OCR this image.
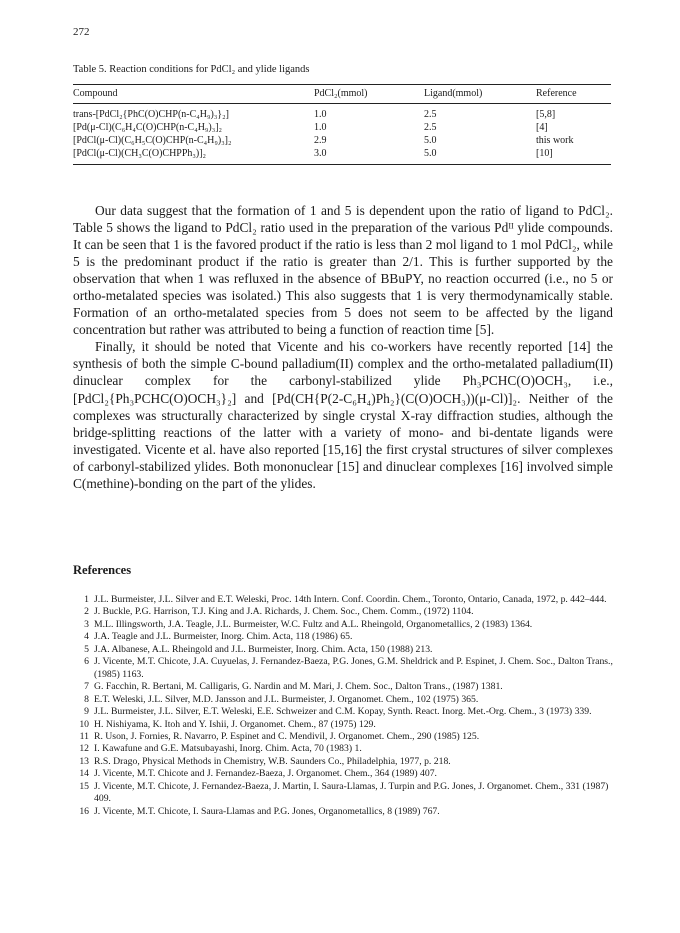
272
Table 5. Reaction conditions for PdCl₂ and ylide ligands
Compound	PdCl₂(mmol)	Ligand(mmol)	Reference
trans-[PdCl₂{PhC(O)CHP(n-C₄H₉)₃}₂]	1.0	2.5	[5,8]
[Pd(μ-Cl)(C₆H₄C(O)CHP(n-C₄H₉)₃]₂	1.0	2.5	[4]
[PdCl(μ-Cl)(C₆H₅C(O)CHP(n-C₄H₉)₃]₂	2.9	5.0	this work
[PdCl(μ-Cl)(CH₃C(O)CHPPh₃)]₂	3.0	5.0	[10]

Our data suggest that the formation of 1 and 5 is dependent upon the ratio of ligand to PdCl₂. Table 5 shows the ligand to PdCl₂ ratio used in the preparation of the various Pdᴵᴵ ylide compounds. It can be seen that 1 is the favored product if the ratio is less than 2 mol ligand to 1 mol PdCl₂, while 5 is the predominant product if the ratio is greater than 2/1. This is further supported by the observation that when 1 was refluxed in the absence of BBuPY, no reaction occurred (i.e., no 5 or ortho-metalated species was isolated.) This also suggests that 1 is very thermodynamically stable. Formation of an ortho-metalated species from 5 does not seem to be affected by the ligand concentration but rather was attributed to being a function of reaction time [5].

Finally, it should be noted that Vicente and his co-workers have recently reported [14] the synthesis of both the simple C-bound palladium(II) complex and the ortho-metalated palladium(II) dinuclear complex for the carbonyl-stabilized ylide Ph₃PCHC(O)OCH₃, i.e., [PdCl₂{Ph₃PCHC(O)OCH₃}₂] and [Pd(CH{P(2-C₆H₄)Ph₂}(C(O)OCH₃))(μ-Cl)]₂. Neither of the complexes was structurally characterized by single crystal X-ray diffraction studies, although the bridge-splitting reactions of the latter with a variety of mono- and bi-dentate ligands were investigated. Vicente et al. have also reported [15,16] the first crystal structures of silver complexes of carbonyl-stabilized ylides. Both mononuclear [15] and dinuclear complexes [16] involved simple C(methine)-bonding on the part of the ylides.

References
1 J.L. Burmeister, J.L. Silver and E.T. Weleski, Proc. 14th Intern. Conf. Coordin. Chem., Toronto, Ontario, Canada, 1972, p. 442–444.
2 J. Buckle, P.G. Harrison, T.J. King and J.A. Richards, J. Chem. Soc., Chem. Comm., (1972) 1104.
3 M.L. Illingsworth, J.A. Teagle, J.L. Burmeister, W.C. Fultz and A.L. Rheingold, Organometallics, 2 (1983) 1364.
4 J.A. Teagle and J.L. Burmeister, Inorg. Chim. Acta, 118 (1986) 65.
5 J.A. Albanese, A.L. Rheingold and J.L. Burmeister, Inorg. Chim. Acta, 150 (1988) 213.
6 J. Vicente, M.T. Chicote, J.A. Cuyuelas, J. Fernandez-Baeza, P.G. Jones, G.M. Sheldrick and P. Espinet, J. Chem. Soc., Dalton Trans., (1985) 1163.
7 G. Facchin, R. Bertani, M. Calligaris, G. Nardin and M. Mari, J. Chem. Soc., Dalton Trans., (1987) 1381.
8 E.T. Weleski, J.L. Silver, M.D. Jansson and J.L. Burmeister, J. Organomet. Chem., 102 (1975) 365.
9 J.L. Burmeister, J.L. Silver, E.T. Weleski, E.E. Schweizer and C.M. Kopay, Synth. React. Inorg. Met.-Org. Chem., 3 (1973) 339.
10 H. Nishiyama, K. Itoh and Y. Ishii, J. Organomet. Chem., 87 (1975) 129.
11 R. Uson, J. Fornies, R. Navarro, P. Espinet and C. Mendivil, J. Organomet. Chem., 290 (1985) 125.
12 I. Kawafune and G.E. Matsubayashi, Inorg. Chim. Acta, 70 (1983) 1.
13 R.S. Drago, Physical Methods in Chemistry, W.B. Saunders Co., Philadelphia, 1977, p. 218.
14 J. Vicente, M.T. Chicote and J. Fernandez-Baeza, J. Organomet. Chem., 364 (1989) 407.
15 J. Vicente, M.T. Chicote, J. Fernandez-Baeza, J. Martin, I. Saura-Llamas, J. Turpin and P.G. Jones, J. Organomet. Chem., 331 (1987) 409.
16 J. Vicente, M.T. Chicote, I. Saura-Llamas and P.G. Jones, Organometallics, 8 (1989) 767.
